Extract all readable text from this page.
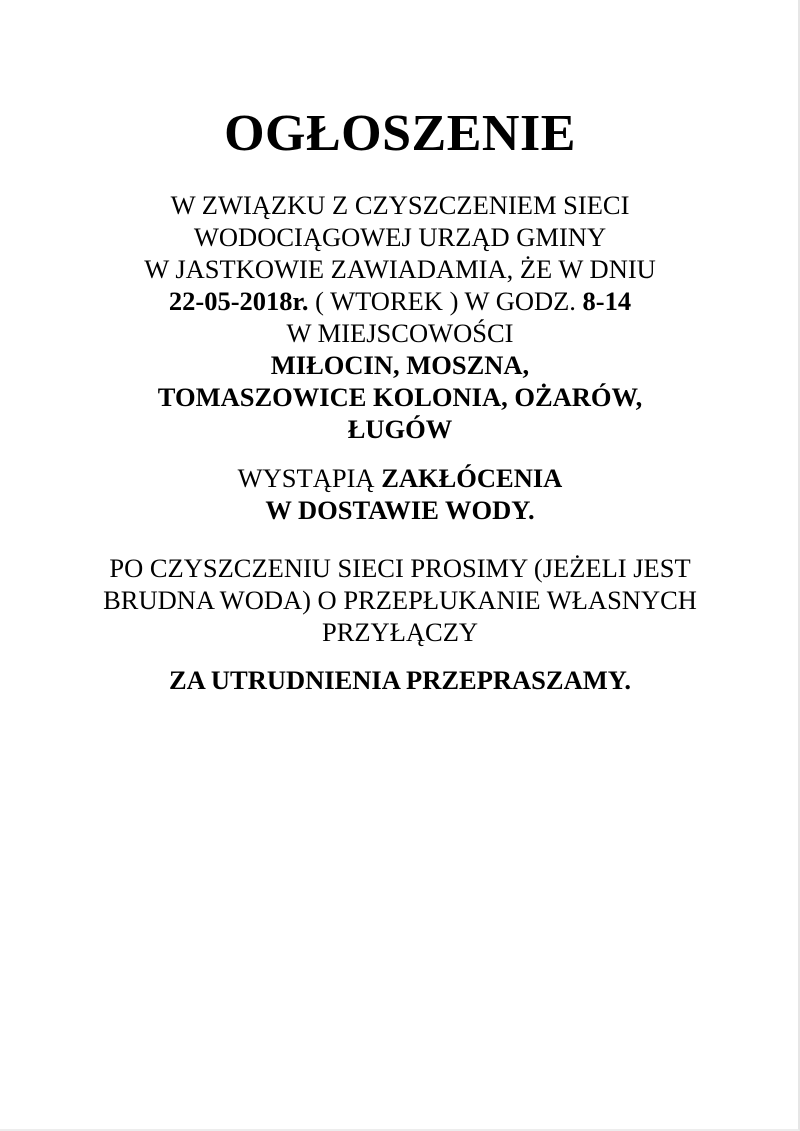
OGŁOSZENIE
W ZWIĄZKU Z CZYSZCZENIEM SIECI
WODOCIĄGOWEJ URZĄD GMINY
W JASTKOWIE ZAWIADAMIA, ŻE W DNIU
22-05-2018r. ( WTOREK ) W GODZ. 8-14
W MIEJSCOWOŚCI
MIŁOCIN, MOSZNA,
TOMASZOWICE KOLONIA, OŻARÓW,
ŁUGÓW
WYSTĄPIĄ ZAKŁÓCENIA
W DOSTAWIE WODY.
PO CZYSZCZENIU SIECI PROSIMY (JEŻELI JEST
BRUDNA WODA) O PRZEPŁUKANIE WŁASNYCH
PRZYŁĄCZY
ZA UTRUDNIENIA PRZEPRASZAMY.
